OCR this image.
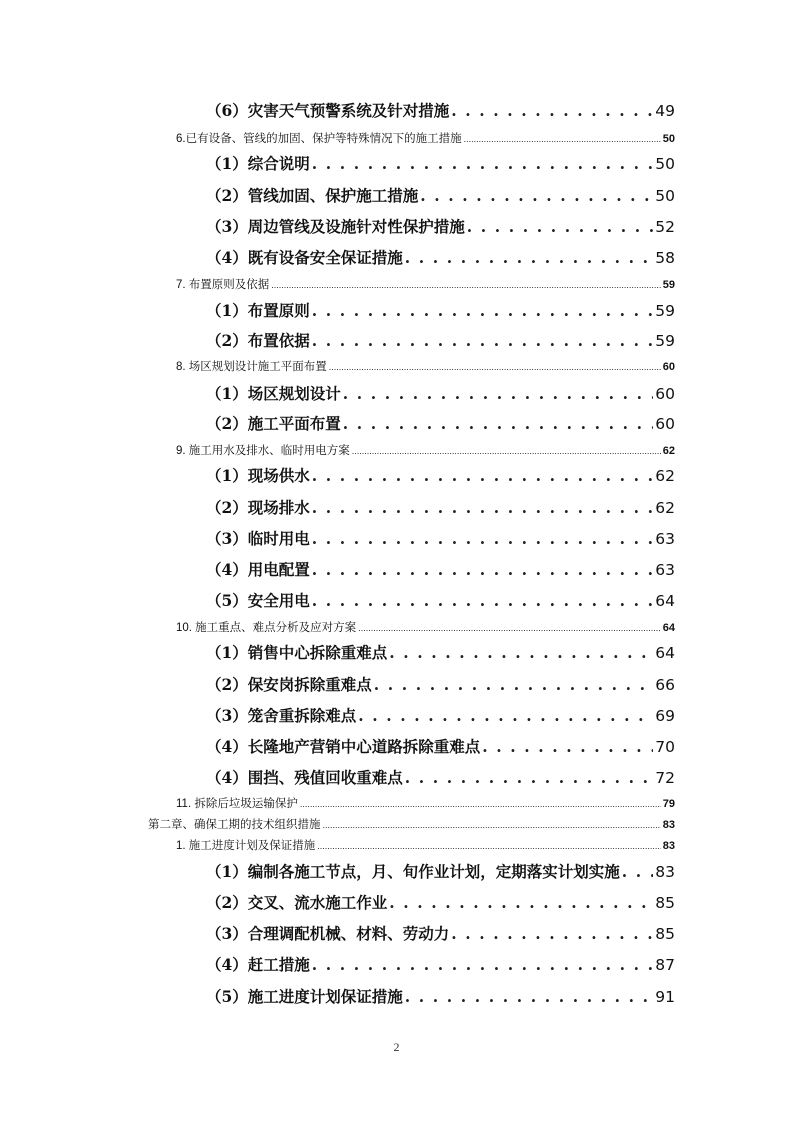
（6）灾害天气预警系统及针对措施 . . .	49
6.已有设备、管线的加固、保护等特殊情况下的施工措施 .....	50
（1）综合说明 . . .	50
（2）管线加固、保护施工措施 . . .	50
（3）周边管线及设施针对性保护措施 . . .	52
（4）既有设备安全保证措施 . . .	58
7. 布置原则及依据 .....	59
（1）布置原则 . . .	59
（2）布置依据 . . .	59
8. 场区规划设计施工平面布置 .....	60
（1）场区规划设计 . . .	60
（2）施工平面布置 . . .	60
9. 施工用水及排水、临时用电方案 .....	62
（1）现场供水 . . .	62
（2）现场排水 . . .	62
（3）临时用电 . . .	63
（4）用电配置 . . .	63
（5）安全用电 . . .	64
10. 施工重点、难点分析及应对方案 .....	64
（1）销售中心拆除重难点 . . .	64
（2）保安岗拆除重难点 . . .	66
（3）笼舍重拆除难点 . . .	69
（4）长隆地产营销中心道路拆除重难点 . . .	70
（4）围挡、残值回收重难点 . . .	72
11. 拆除后垃圾运输保护 .....	79
第二章、确保工期的技术组织措施 .....	83
1. 施工进度计划及保证措施 .....	83
（1）编制各施工节点，月、旬作业计划，定期落实计划实施 . . . 83
（2）交叉、流水施工作业 . . .	85
（3）合理调配机械、材料、劳动力 . . .	85
（4）赶工措施 . . .	87
（5）施工进度计划保证措施 . . .	91
2
